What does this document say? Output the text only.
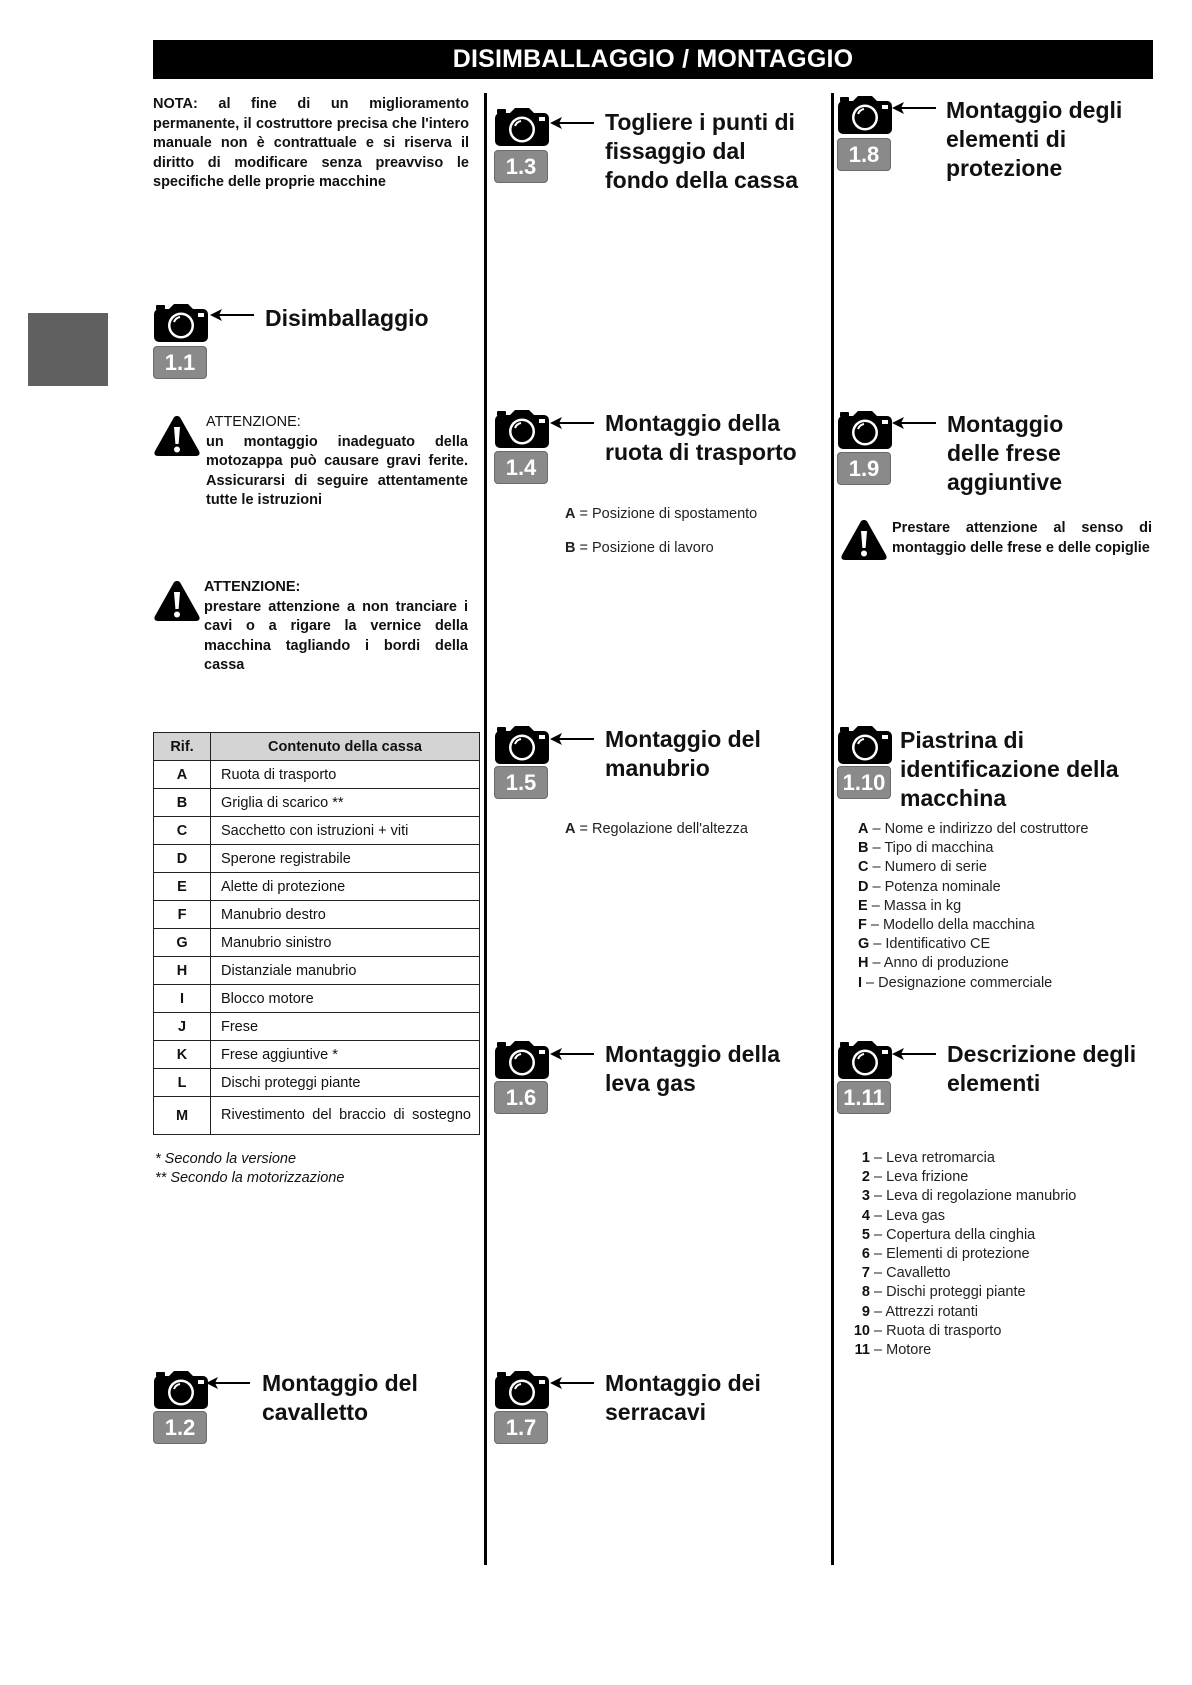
DISIMBALLAGGIO / MONTAGGIO
NOTA: al fine di un miglioramento permanente, il costruttore precisa che l'intero manuale non è contrattuale e si riserva il diritto di modificare senza preavviso le specifiche delle proprie macchine
1.1
Disimballaggio
ATTENZIONE:
un montaggio inadeguato della motozappa può causare gravi ferite. Assicurarsi di seguire attentamente tutte le istruzioni
ATTENZIONE:
prestare attenzione a non tranciare i cavi o a rigare la vernice della macchina tagliando i bordi della cassa
Rif.	Contenuto della cassa
A	Ruota di trasporto
B	Griglia di scarico **
C	Sacchetto con istruzioni + viti
D	Sperone registrabile
E	Alette di protezione
F	Manubrio destro
G	Manubrio sinistro
H	Distanziale manubrio
I	Blocco motore
J	Frese
K	Frese aggiuntive *
L	Dischi proteggi piante
M	Rivestimento del braccio di sostegno
* Secondo la versione
** Secondo la motorizzazione
1.2
Montaggio del
cavalletto
1.3
Togliere i punti di
fissaggio dal
fondo della cassa
1.4
Montaggio della
ruota di trasporto
A = Posizione di spostamento
B = Posizione di lavoro
1.5
Montaggio del
manubrio
A = Regolazione dell'altezza
1.6
Montaggio della
leva gas
1.7
Montaggio dei
serracavi
1.8
Montaggio degli
elementi di
protezione
1.9
Montaggio
delle frese
aggiuntive
Prestare attenzione al senso di montaggio delle frese e delle copiglie
1.10
Piastrina di
identificazione della
macchina
A – Nome e indirizzo del costruttore
B – Tipo di macchina
C – Numero di serie
D – Potenza nominale
E – Massa in kg
F – Modello della macchina
G – Identificativo CE
H – Anno di produzione
I – Designazione commerciale
1.11
Descrizione degli
elementi
1 – Leva retromarcia
2 – Leva frizione
3 – Leva di regolazione manubrio
4 – Leva gas
5 – Copertura della cinghia
6 – Elementi di protezione
7 – Cavalletto
8 – Dischi proteggi piante
9 – Attrezzi rotanti
10 – Ruota di trasporto
11 – Motore
